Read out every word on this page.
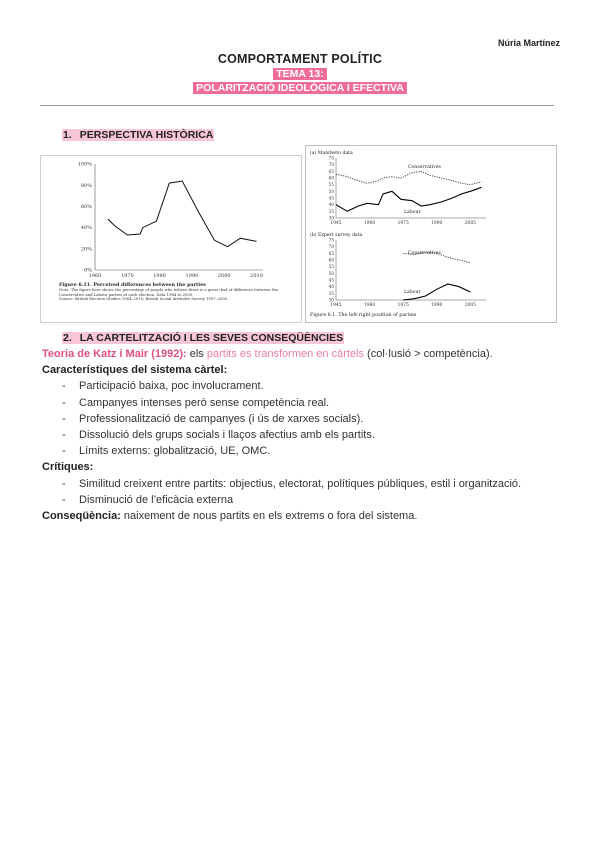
Núria Martínez
COMPORTAMENT POLÍTIC
TEMA 13:
POLARITZACIÓ IDEOLÒGICA I EFECTIVA
1. PERSPECTIVA HISTÒRICA
0%
20%
40%
60%
80%
100%
1960	1970	1980	1990	2000	2010
Figure 6.11. Perceived differences between the parties
Note: The figure here shows the percentage of people who believe there is a great deal of difference between the Conservative and Labour parties at each election. Data 1964 to 2005.
Source: British Election Studies 1964–2015; British Social Attitudes Survey 1997–2005.
(a) Manifesto data
75
70
65
60
55
50
45
40
35
30
Conservatives
Labour
1945	1960	1975	1990	2005
(b) Expert survey data
75
70
65
60
55
50
45
40
35
30
Conservatives
Labour
1945	1960	1975	1990	2005
Figure 6.1. The left-right position of parties
2. LA CARTELITZACIÓ I LES SEVES CONSEQÜÈNCIES
Teoria de Katz i Mair (1992): els partits es transformen en càrtels (col·lusió > competència).
Característiques del sistema càrtel:
- Participació baixa, poc involucrament.
- Campanyes intenses però sense competència real.
- Professionalització de campanyes (i ús de xarxes socials).
- Dissolució dels grups socials i llaços afectius amb els partits.
- Límits externs: globalització, UE, OMC.
Crítiques:
- Similitud creixent entre partits: objectius, electorat, polítiques públiques, estil i organització.
- Disminució de l’eficàcia externa
Conseqüència: naixement de nous partits en els extrems o fora del sistema.
